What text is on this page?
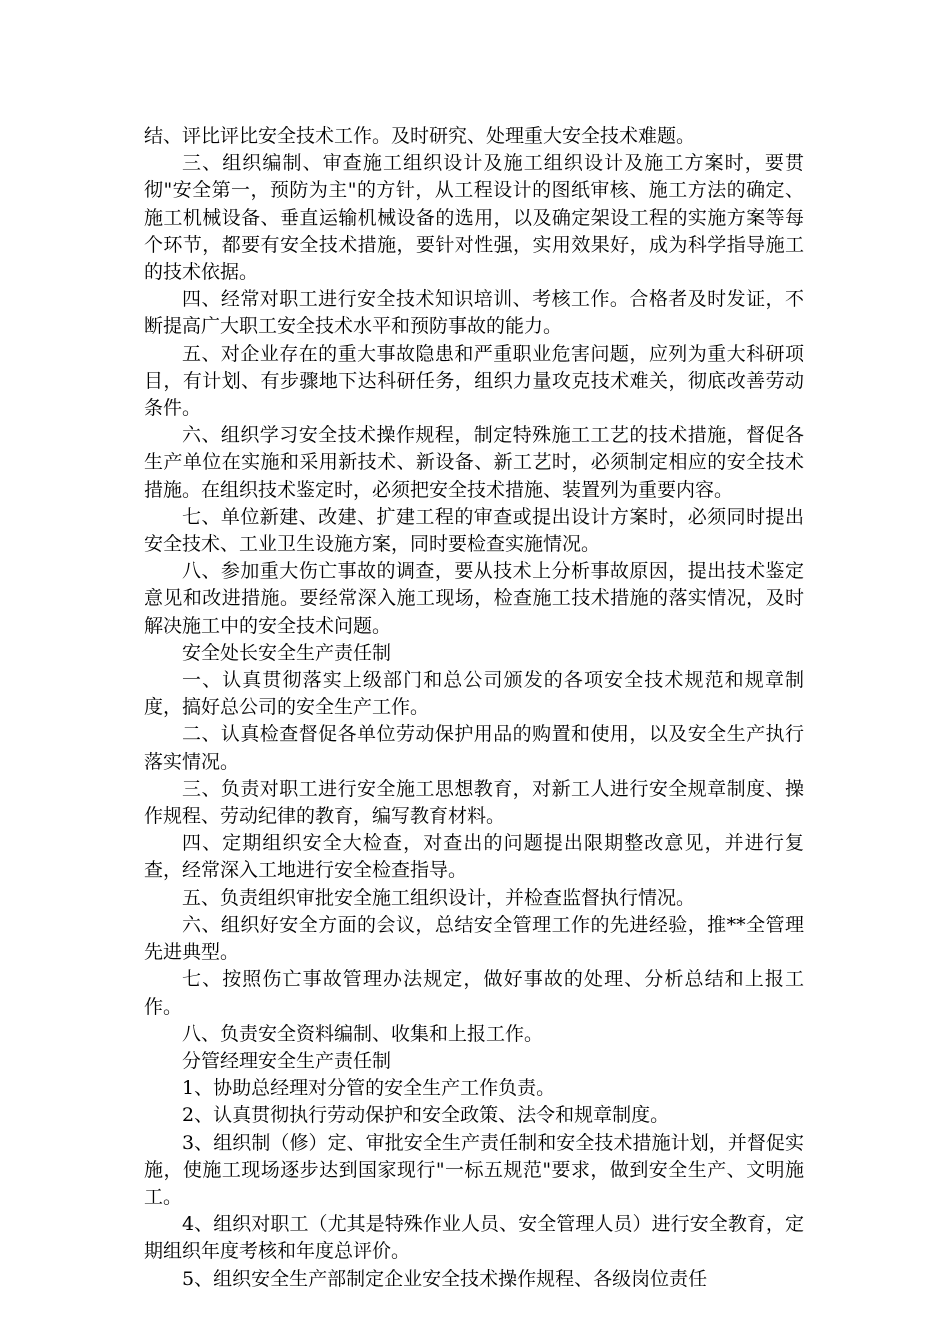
结、评比评比安全技术工作。及时研究、处理重大安全技术难题。

三、组织编制、审查施工组织设计及施工组织设计及施工方案时，要贯彻"安全第一，预防为主"的方针，从工程设计的图纸审核、施工方法的确定、施工机械设备、垂直运输机械设备的选用，以及确定架设工程的实施方案等每个环节，都要有安全技术措施，要针对性强，实用效果好，成为科学指导施工的技术依据。

四、经常对职工进行安全技术知识培训、考核工作。合格者及时发证，不断提高广大职工安全技术水平和预防事故的能力。

五、对企业存在的重大事故隐患和严重职业危害问题，应列为重大科研项目，有计划、有步骤地下达科研任务，组织力量攻克技术难关，彻底改善劳动条件。

六、组织学习安全技术操作规程，制定特殊施工工艺的技术措施，督促各生产单位在实施和采用新技术、新设备、新工艺时，必须制定相应的安全技术措施。在组织技术鉴定时，必须把安全技术措施、装置列为重要内容。

七、单位新建、改建、扩建工程的审查或提出设计方案时，必须同时提出安全技术、工业卫生设施方案，同时要检查实施情况。

八、参加重大伤亡事故的调查，要从技术上分析事故原因，提出技术鉴定意见和改进措施。要经常深入施工现场，检查施工技术措施的落实情况，及时解决施工中的安全技术问题。

安全处长安全生产责任制

一、认真贯彻落实上级部门和总公司颁发的各项安全技术规范和规章制度，搞好总公司的安全生产工作。

二、认真检查督促各单位劳动保护用品的购置和使用，以及安全生产执行落实情况。

三、负责对职工进行安全施工思想教育，对新工人进行安全规章制度、操作规程、劳动纪律的教育，编写教育材料。

四、定期组织安全大检查，对查出的问题提出限期整改意见，并进行复查，经常深入工地进行安全检查指导。

五、负责组织审批安全施工组织设计，并检查监督执行情况。

六、组织好安全方面的会议，总结安全管理工作的先进经验，推**全管理先进典型。

七、按照伤亡事故管理办法规定，做好事故的处理、分析总结和上报工作。

八、负责安全资料编制、收集和上报工作。

分管经理安全生产责任制

1、协助总经理对分管的安全生产工作负责。

2、认真贯彻执行劳动保护和安全政策、法令和规章制度。

3、组织制（修）定、审批安全生产责任制和安全技术措施计划，并督促实施，使施工现场逐步达到国家现行"一标五规范"要求，做到安全生产、文明施工。

4、组织对职工（尤其是特殊作业人员、安全管理人员）进行安全教育，定期组织年度考核和年度总评价。

5、组织安全生产部制定企业安全技术操作规程、各级岗位责任
